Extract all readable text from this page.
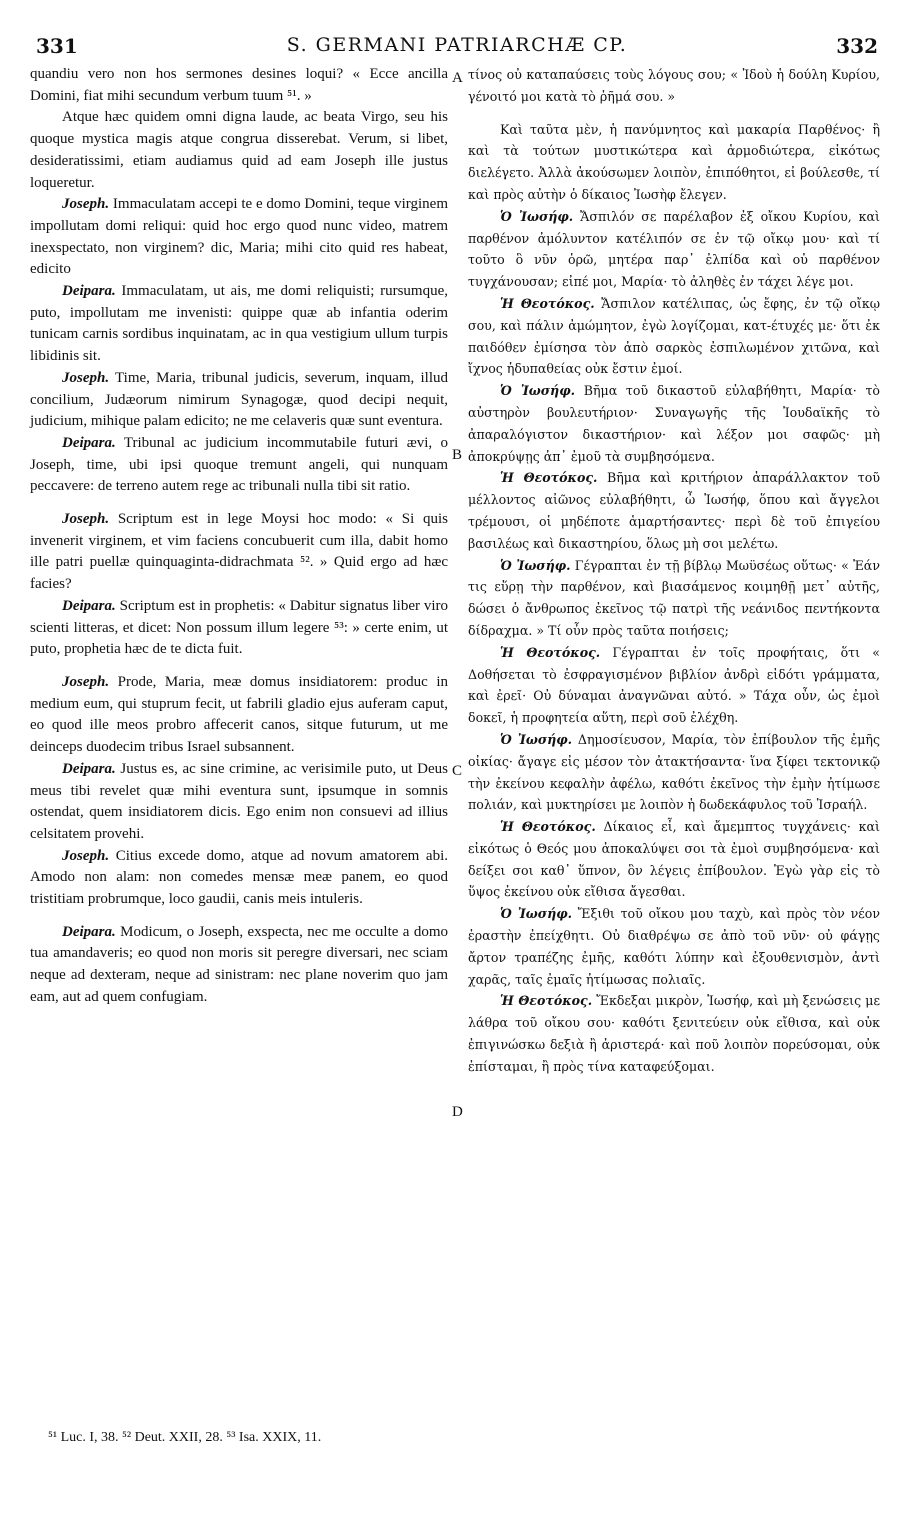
331	S. GERMANI PATRIARCHÆ CP.	332
A
B
C
D

quandiu vero non hos sermones desines loqui? « Ecce ancilla Domini, fiat mihi secundum verbum tuum ⁵¹. »

Atque hæc quidem omni digna laude, ac beata Virgo, seu his quoque mystica magis atque congrua disserebat. Verum, si libet, desideratissimi, etiam audiamus quid ad eam Joseph ille justus loqueretur.

Joseph. Immaculatam accepi te e domo Domini, teque virginem impollutam domi reliqui: quid hoc ergo quod nunc video, matrem inexspectato, non virginem? dic, Maria; mihi cito quid res habeat, edicito

Deipara. Immaculatam, ut ais, me domi reliquisti; rursumque, puto, impollutam me invenisti: quippe quæ ab infantia oderim tunicam carnis sordibus inquinatam, ac in qua vestigium ullum turpis libidinis sit.

Joseph. Time, Maria, tribunal judicis, severum, inquam, illud concilium, Judæorum nimirum Synagogæ, quod decipi nequit, judicium, mihique palam edicito; ne me celaveris quæ sunt eventura.

Deipara. Tribunal ac judicium incommutabile futuri ævi, o Joseph, time, ubi ipsi quoque tremunt angeli, qui nunquam peccavere: de terreno autem rege ac tribunali nulla tibi sit ratio.

Joseph. Scriptum est in lege Moysi hoc modo: « Si quis invenerit virginem, et vim faciens concubuerit cum illa, dabit homo ille patri puellæ quinquaginta-didrachmata ⁵². » Quid ergo ad hæc facies?

Deipara. Scriptum est in prophetis: « Dabitur signatus liber viro scienti litteras, et dicet: Non possum illum legere ⁵³: » certe enim, ut puto, prophetia hæc de te dicta fuit.

Joseph. Prode, Maria, meæ domus insidiatorem: produc in medium eum, qui stuprum fecit, ut fabrili gladio ejus auferam caput, eo quod ille meos probro affecerit canos, sitque futurum, ut me deinceps duodecim tribus Israel subsannent.

Deipara. Justus es, ac sine crimine, ac verisimile puto, ut Deus meus tibi revelet quæ mihi eventura sunt, ipsumque in somnis ostendat, quem insidiatorem dicis. Ego enim non consuevi ad illius celsitatem provehi.

Joseph. Citius excede domo, atque ad novum amatorem abi. Amodo non alam: non comedes mensæ meæ panem, eo quod tristitiam probrumque, loco gaudii, canis meis intuleris.

Deipara. Modicum, o Joseph, exspecta, nec me occulte a domo tua amandaveris; eo quod non moris sit peregre diversari, nec sciam neque ad dexteram, neque ad sinistram: nec plane noverim quo jam eam, aut ad quem confugiam.

τίνος οὐ καταπαύσεις τοὺς λόγους σου; « Ἰδοὺ ἡ δούλη Κυρίου, γένοιτό μοι κατὰ τὸ ῥῆμά σου. »

Καὶ ταῦτα μὲν, ἡ πανύμνητος καὶ μακαρία Παρθένος· ἢ καὶ τὰ τούτων μυστικώτερα καὶ ἁρμοδιώτερα, εἰκότως διελέγετο. Ἀλλὰ ἀκούσωμεν λοιπὸν, ἐπιπόθητοι, εἰ βούλεσθε, τί καὶ πρὸς αὐτὴν ὁ δίκαιος Ἰωσὴφ ἔλεγεν.

Ὁ Ἰωσήφ. Ἄσπιλόν σε παρέλαβον ἐξ οἴκου Κυρίου, καὶ παρθένον ἀμόλυντον κατέλιπόν σε ἐν τῷ οἴκῳ μου· καὶ τί τοῦτο ὃ νῦν ὁρῶ, μητέρα παρ᾽ ἐλπίδα καὶ οὐ παρθένον τυγχάνουσαν; εἰπέ μοι, Μαρία· τὸ ἀληθὲς ἐν τάχει λέγε μοι.

Ἡ Θεοτόκος. Ἄσπιλον κατέλιπας, ὡς ἔφης, ἐν τῷ οἴκῳ σου, καὶ πάλιν ἀμώμητον, ἐγὼ λογίζομαι, κατ-έτυχές με· ὅτι ἐκ παιδόθεν ἐμίσησα τὸν ἀπὸ σαρκὸς ἐσπιλωμένον χιτῶνα, καὶ ἴχνος ἡδυπαθείας οὐκ ἔστιν ἐμοί.

Ὁ Ἰωσήφ. Βῆμα τοῦ δικαστοῦ εὐλαβήθητι, Μαρία· τὸ αὐστηρὸν βουλευτήριον· Συναγωγῆς τῆς Ἰουδαϊκῆς τὸ ἀπαραλόγιστον δικαστήριον· καὶ λέξον μοι σαφῶς· μὴ ἀποκρύψῃς ἀπ᾽ ἐμοῦ τὰ συμβησόμενα.

Ἡ Θεοτόκος. Βῆμα καὶ κριτήριον ἀπαράλλακτον τοῦ μέλλοντος αἰῶνος εὐλαβήθητι, ὦ Ἰωσήφ, ὅπου καὶ ἄγγελοι τρέμουσι, οἱ μηδέποτε ἁμαρτήσαντες· περὶ δὲ τοῦ ἐπιγείου βασιλέως καὶ δικαστηρίου, ὅλως μὴ σοι μελέτω.

Ὁ Ἰωσήφ. Γέγραπται ἐν τῇ βίβλῳ Μωϋσέως οὕτως· « Ἐάν τις εὕρῃ τὴν παρθένον, καὶ βιασάμενος κοιμηθῇ μετ᾽ αὐτῆς, δώσει ὁ ἄνθρωπος ἐκεῖνος τῷ πατρὶ τῆς νεάνιδος πεντήκοντα δίδραχμα. » Τί οὖν πρὸς ταῦτα ποιήσεις;

Ἡ Θεοτόκος. Γέγραπται ἐν τοῖς προφήταις, ὅτι « Δοθήσεται τὸ ἐσφραγισμένον βιβλίον ἀνδρὶ εἰδότι γράμματα, καὶ ἐρεῖ· Οὐ δύναμαι ἀναγνῶναι αὐτό. » Τάχα οὖν, ὡς ἐμοὶ δοκεῖ, ἡ προφητεία αὕτη, περὶ σοῦ ἐλέχθη.

Ὁ Ἰωσήφ. Δημοσίευσον, Μαρία, τὸν ἐπίβουλον τῆς ἐμῆς οἰκίας· ἄγαγε εἰς μέσον τὸν ἀτακτήσαντα· ἵνα ξίφει τεκτονικῷ τὴν ἐκείνου κεφαλὴν ἀφέλω, καθότι ἐκεῖνος τὴν ἐμὴν ἠτίμωσε πολιάν, καὶ μυκτηρίσει με λοιπὸν ἡ δωδεκάφυλος τοῦ Ἰσραήλ.

Ἡ Θεοτόκος. Δίκαιος εἶ, καὶ ἄμεμπτος τυγχάνεις· καὶ εἰκότως ὁ Θεός μου ἀποκαλύψει σοι τὰ ἐμοὶ συμβησόμενα· καὶ δείξει σοι καθ᾽ ὕπνον, ὃν λέγεις ἐπίβουλον. Ἐγὼ γὰρ εἰς τὸ ὕψος ἐκείνου οὐκ εἴθισα ἄγεσθαι.

Ὁ Ἰωσήφ. Ἔξιθι τοῦ οἴκου μου ταχὺ, καὶ πρὸς τὸν νέον ἐραστὴν ἐπείχθητι. Οὐ διαθρέψω σε ἀπὸ τοῦ νῦν· οὐ φάγῃς ἄρτον τραπέζης ἐμῆς, καθότι λύπην καὶ ἐξουθενισμὸν, ἀντὶ χαρᾶς, ταῖς ἐμαῖς ἠτίμωσας πολιαῖς.

Ἡ Θεοτόκος. Ἔκδεξαι μικρὸν, Ἰωσήφ, καὶ μὴ ξενώσεις με λάθρα τοῦ οἴκου σου· καθότι ξενιτεύειν οὐκ εἴθισα, καὶ οὐκ ἐπιγινώσκω δεξιὰ ἢ ἀριστερά· καὶ ποῦ λοιπὸν πορεύσομαι, οὐκ ἐπίσταμαι, ἢ πρὸς τίνα καταφεύξομαι.

⁵¹ Luc. I, 38. ⁵² Deut. XXII, 28. ⁵³ Isa. XXIX, 11.
